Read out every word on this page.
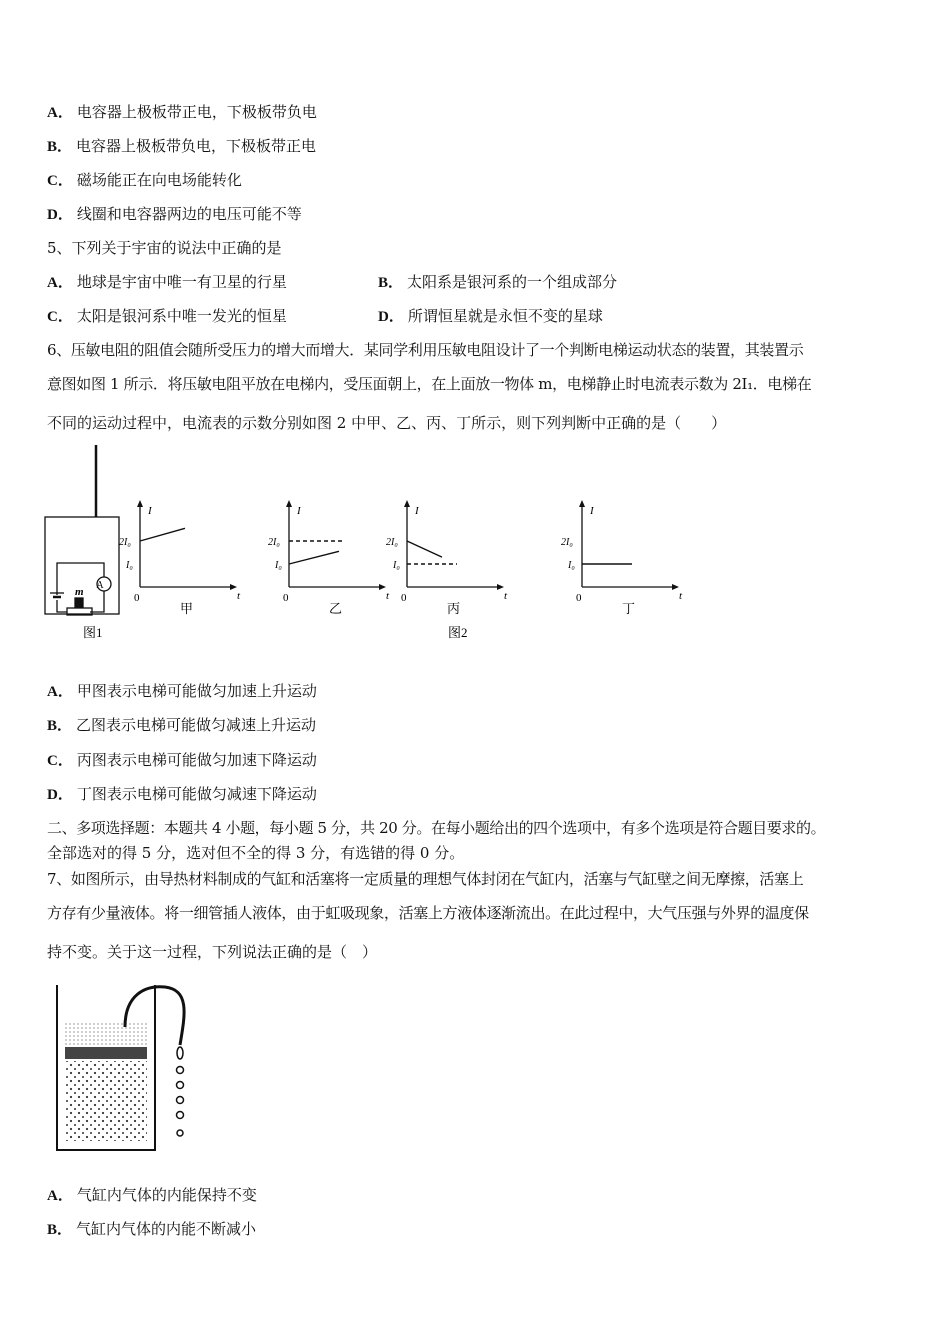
A． 电容器上极板带正电，下极板带负电
B． 电容器上极板带负电，下极板带正电
C． 磁场能正在向电场能转化
D． 线圈和电容器两边的电压可能不等
5、下列关于宇宙的说法中正确的是
A． 地球是宇宙中唯一有卫星的行星	B． 太阳系是银河系的一个组成部分
C． 太阳是银河系中唯一发光的恒星	D． 所谓恒星就是永恒不变的星球
6、压敏电阻的阻值会随所受压力的增大而增大．某同学利用压敏电阻设计了一个判断电梯运动状态的装置，其装置示
意图如图 1 所示．将压敏电阻平放在电梯内，受压面朝上，在上面放一物体 m，电梯静止时电流表示数为 2I₁．电梯在
不同的运动过程中，电流表的示数分别如图 2 中甲、乙、丙、丁所示，则下列判断中正确的是（　　）
A
m
图1	图2
I
t
0
2I₀
I₀
甲
I
t
0
2I₀
I₀
乙
I
t
0
2I₀
I₀
丙
I
t
0
2I₀
I₀
丁
A． 甲图表示电梯可能做匀加速上升运动
B． 乙图表示电梯可能做匀减速上升运动
C． 丙图表示电梯可能做匀加速下降运动
D． 丁图表示电梯可能做匀减速下降运动
二、多项选择题：本题共 4 小题，每小题 5 分，共 20 分。在每小题给出的四个选项中，有多个选项是符合题目要求的。
全部选对的得 5 分，选对但不全的得 3 分，有选错的得 0 分。
7、如图所示，由导热材料制成的气缸和活塞将一定质量的理想气体封闭在气缸内，活塞与气缸壁之间无摩擦，活塞上
方存有少量液体。将一细管插人液体，由于虹吸现象，活塞上方液体逐渐流出。在此过程中，大气压强与外界的温度保
持不变。关于这一过程，下列说法正确的是（　）
A． 气缸内气体的内能保持不变
B． 气缸内气体的内能不断减小
